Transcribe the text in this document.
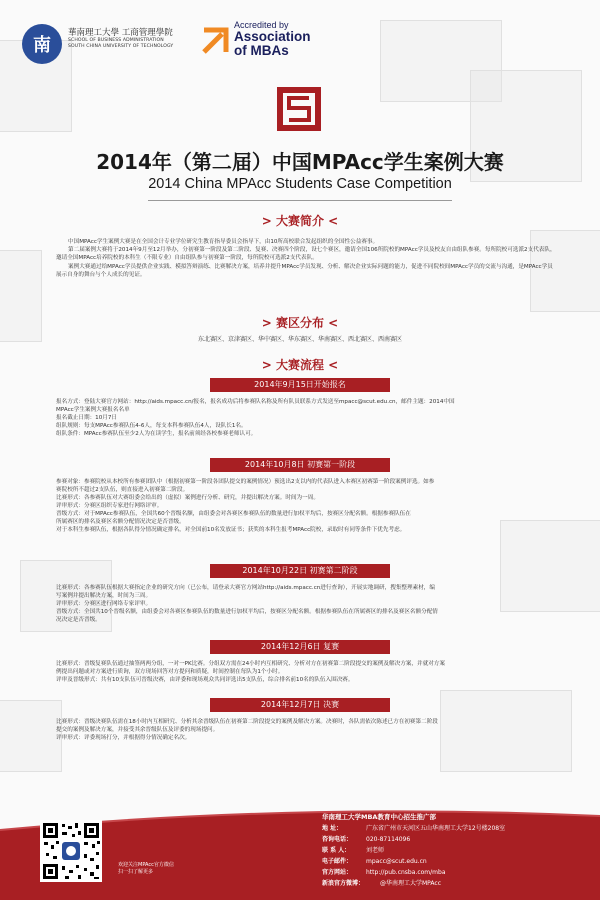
南
華南理工大學 工商管理學院
SCHOOL OF BUSINESS ADMINISTRATION
SOUTH CHINA UNIVERSITY OF TECHNOLOGY
Accredited by
Association
of MBAs
2014年（第二届）中国MPAcc学生案例大赛
2014 China MPAcc Students Case Competition
> 大赛简介 <

中国MPAcc学生案例大赛是在全国会计专业学位研究生教育指导委员会指导下，由10所高校联合发起组织的全国性公益赛事。

第二届案例大赛将于2014年9月至12月举办，分初赛第一阶段及第二阶段、复赛、决赛四个阶段，设七个赛区，邀请全国106所院校的MPAcc学员及校友自由组队参赛。每所院校可选派2支代表队，邀请全国MPAcc培养院校的本科生（不限专业）自由组队参与初赛第一阶段，每所院校可选派2支代表队。

案例大赛通过给MPAcc学员提供企业实践、模拟答辩演练、比赛解决方案，培养并提升MPAcc学员发现、分析、解决企业实际问题的能力，促进不同院校间MPAcc学员的交流与沟通，是MPAcc学员展示自身的舞台与个人成长的见证。

> 赛区分布 <
东北赛区、京津赛区、华中赛区、华东赛区、华南赛区、西北赛区、西南赛区
> 大赛流程 <
2014年9月15日开始报名
报名方式：登陆大赛官方网站：http://aids.mpacc.cn/报名，报名成功后将参赛队名称及所有队员联系方式发送至mpacc@scut.edu.cn，邮件主题：2014中国
MPAcc学生案例大赛报名名单
报名截止日期：10月7日
组队规则：每支MPAcc参赛队伍4-6人，每支本科参赛队伍4人，设队长1名。
组队条件：MPAcc参赛队伍至少2人为在读学生，报名前须经各校参赛老师认可。
2014年10月8日 初赛第一阶段
参赛对象：参赛院校从本校所有参赛团队中（根据初赛第一阶段各团队提交的案例情况）预选出2支以内的代表队进入本赛区初赛第一阶段案例评选。如参
赛院校所不超过2支队伍，则直接进入初赛第二阶段。
比赛形式：各参赛队伍对大赛组委会给出的（虚拟）案例进行分析、研究，并提出解决方案。时间为一周。
评审形式：分赛区组织专家进行网络评审。
晋级方式：对于MPAcc参赛队伍，全国共60个晋级名额，由组委会对各赛区参赛队伍的数量进行加权平均后，按赛区分配名额。根据参赛队伍在
所属赛区的排名及赛区名额分配情况决定是否晋级。
对于本科生参赛队伍，根据各队得分情况确定排名，对全国前10名发放证书；获奖的本科生报考MPAcc院校，录取时有同等条件下优先考虑。
2014年10月22日 初赛第二阶段
比赛形式：各参赛队伍根据大赛指定企业的研究方向（已公布，请登录大赛官方网站http://aids.mpacc.cn进行查询），开展实地调研，搜集整理素材，编
写案例并提出解决方案，时间为三周。
评审形式：分赛区进行网络专家评审。
晋级方式：全国共10个晋级名额，由组委会对各赛区参赛队伍的数量进行加权平均后，按赛区分配名额。根据参赛队伍在所属赛区的排名及赛区名额分配情
况决定是否晋级。
2014年12月6日 复赛
比赛形式：晋级复赛队伍通过抽签两两分组，一对一PK比赛。分组双方需在24小时内互相研究、分析对方在初赛第二阶段提交的案例及解决方案，并就对方案
例提出问题或对方案进行质询，双方现场回答对方提问和质疑，时间控制在每队为1个小时。
评审及晋级形式：共有10支队伍可晋级决赛，由评委和现场观众共同评选出5支队伍，综合排名前10名的队伍入围决赛。
2014年12月7日 决赛
比赛形式：晋级决赛队伍需在18小时内互相研究、分析其余晋级队伍在初赛第二阶段提交的案例及解决方案。决赛时，各队需依次陈述已方在初赛第二阶段
提交的案例及解决方案，并接受其余晋级队伍及评委的现场提问。
评审形式：评委现场打分，并根据得分情况确定名次。
欢迎关注MPAcc官方微信
扫一扫了解更多
华南理工大学MBA教育中心招生推广部
地 址：	广东省广州市天河区五山华南理工大学12号楼208室
咨询电话： 020-87114096
联 系 人：	刘老师
电子邮件： mpacc@scut.edu.cn
官方网站： http://pub.cnsba.com/mba
新浪官方微博：	@华南理工大学MPAcc
